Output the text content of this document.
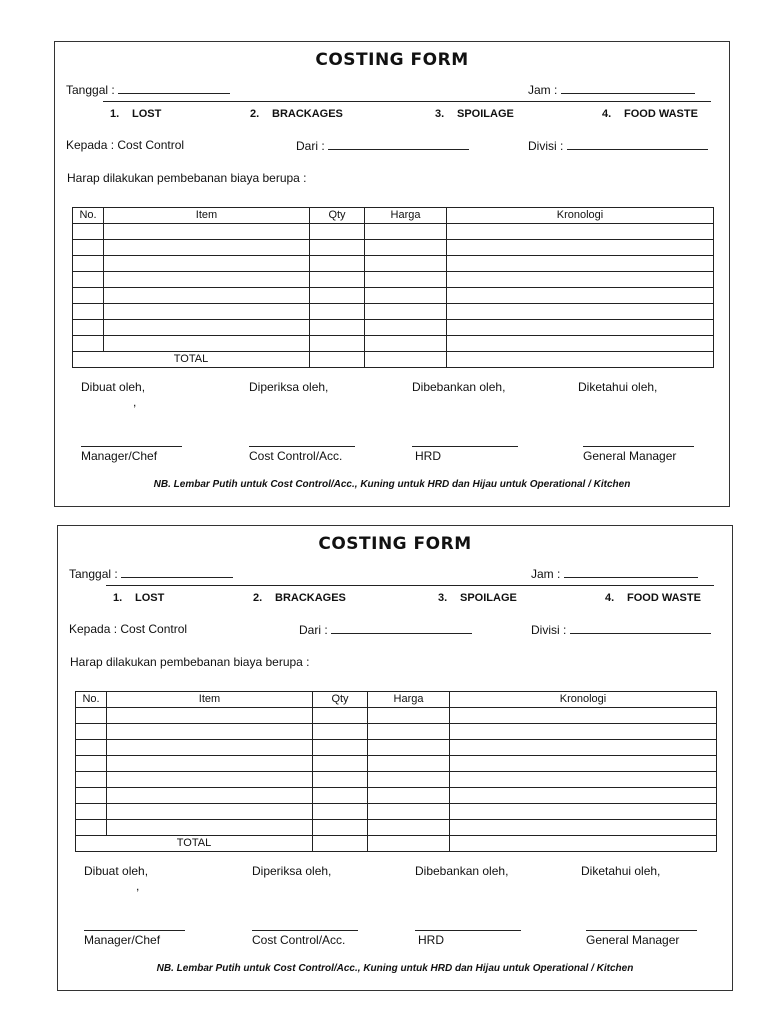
COSTING FORM
Tanggal :	Jam :
1. LOST	2. BRACKAGES	3. SPOILAGE	4. FOOD WASTE
Kepada : Cost Control	Dari :	Divisi :
Harap dilakukan pembebanan biaya berupa :
No.	Item	Qty	Harga	Kronologi

TOTAL				
Dibuat oleh,	Diperiksa oleh,	Dibebankan oleh,	Diketahui oleh,
,
Manager/Chef	Cost Control/Acc.	HRD	General Manager
NB. Lembar Putih untuk Cost Control/Acc., Kuning untuk HRD dan Hijau untuk Operational / Kitchen
COSTING FORM
Tanggal :	Jam :
1. LOST	2. BRACKAGES	3. SPOILAGE	4. FOOD WASTE
Kepada : Cost Control	Dari :	Divisi :
Harap dilakukan pembebanan biaya berupa :
No.	Item	Qty	Harga	Kronologi

TOTAL				
Dibuat oleh,	Diperiksa oleh,	Dibebankan oleh,	Diketahui oleh,
,
Manager/Chef	Cost Control/Acc.	HRD	General Manager
NB. Lembar Putih untuk Cost Control/Acc., Kuning untuk HRD dan Hijau untuk Operational / Kitchen
